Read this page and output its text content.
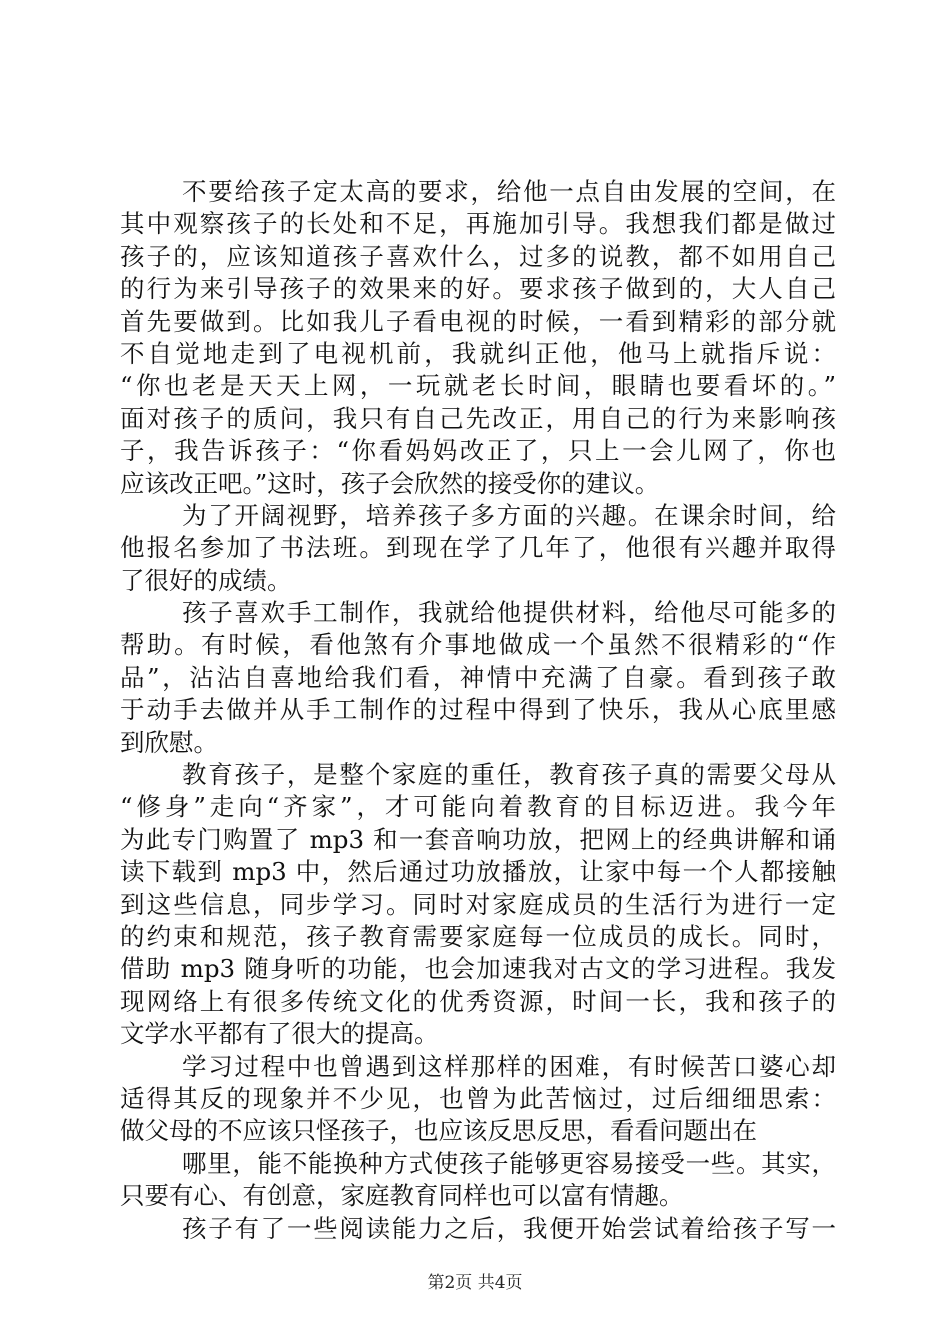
不要给孩子定太高的要求，给他一点自由发展的空间，在
其中观察孩子的长处和不足，再施加引导。我想我们都是做过
孩子的，应该知道孩子喜欢什么，过多的说教，都不如用自己
的行为来引导孩子的效果来的好。要求孩子做到的，大人自己
首先要做到。比如我儿子看电视的时候，一看到精彩的部分就
不自觉地走到了电视机前，我就纠正他，他马上就指斥说：
“你也老是天天上网，一玩就老长时间，眼睛也要看坏的。”
面对孩子的质问，我只有自己先改正，用自己的行为来影响孩
子，我告诉孩子：“你看妈妈改正了，只上一会儿网了，你也
应该改正吧。”这时，孩子会欣然的接受你的建议。
为了开阔视野，培养孩子多方面的兴趣。在课余时间，给
他报名参加了书法班。到现在学了几年了，他很有兴趣并取得
了很好的成绩。
孩子喜欢手工制作，我就给他提供材料，给他尽可能多的
帮助。有时候，看他煞有介事地做成一个虽然不很精彩的“作
品”，沾沾自喜地给我们看，神情中充满了自豪。看到孩子敢
于动手去做并从手工制作的过程中得到了快乐，我从心底里感
到欣慰。
教育孩子，是整个家庭的重任，教育孩子真的需要父母从
“修身”走向“齐家”，才可能向着教育的目标迈进。我今年
为此专门购置了 mp3 和一套音响功放，把网上的经典讲解和诵
读下载到 mp3 中，然后通过功放播放，让家中每一个人都接触
到这些信息，同步学习。同时对家庭成员的生活行为进行一定
的约束和规范，孩子教育需要家庭每一位成员的成长。同时，
借助 mp3 随身听的功能，也会加速我对古文的学习进程。我发
现网络上有很多传统文化的优秀资源，时间一长，我和孩子的
文学水平都有了很大的提高。
学习过程中也曾遇到这样那样的困难，有时候苦口婆心却
适得其反的现象并不少见，也曾为此苦恼过，过后细细思索：
做父母的不应该只怪孩子，也应该反思反思，看看问题出在
哪里，能不能换种方式使孩子能够更容易接受一些。其实，
只要有心、有创意，家庭教育同样也可以富有情趣。
孩子有了一些阅读能力之后，我便开始尝试着给孩子写一
第2页 共4页
